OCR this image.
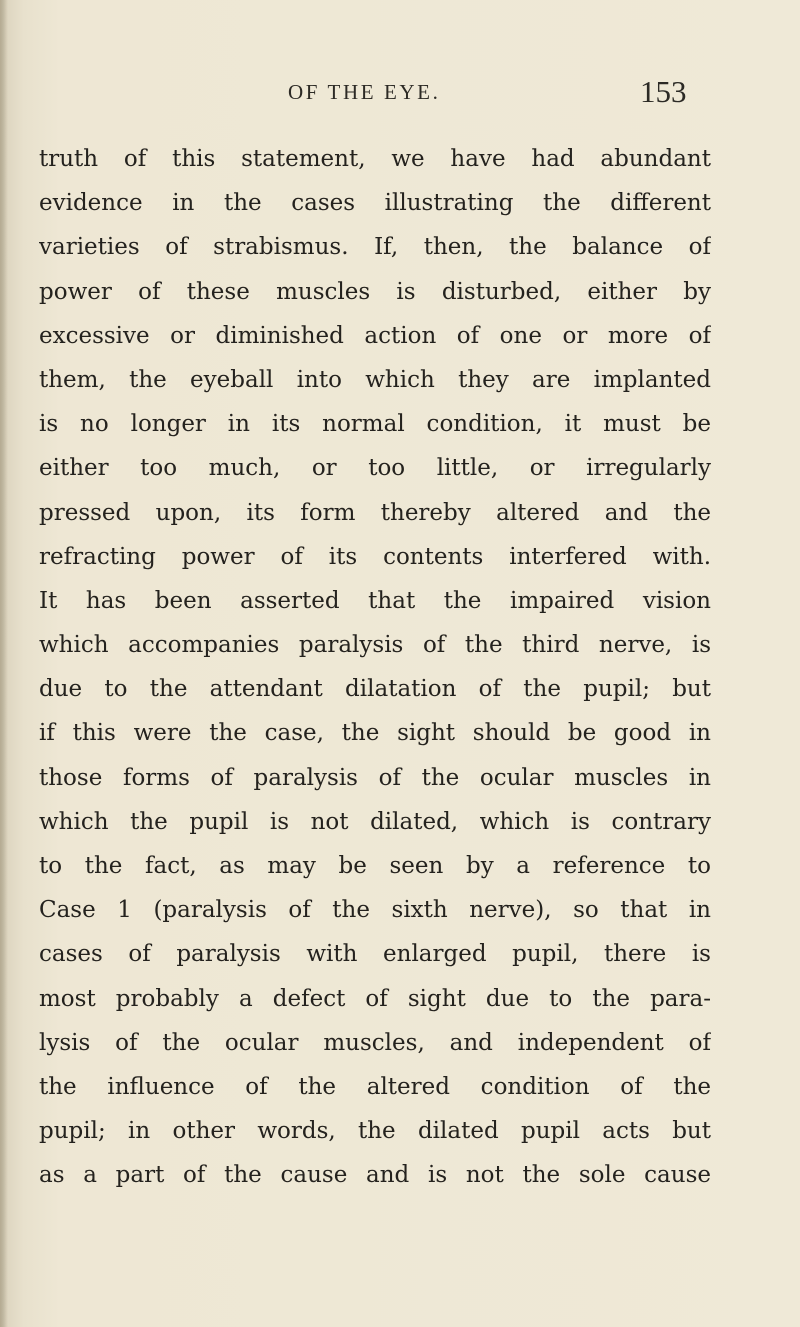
OF THE EYE.	153
truth of this statement, we have had abundant
evidence in the cases illustrating the different
varieties of strabismus. If, then, the balance of
power of these muscles is disturbed, either by
excessive or diminished action of one or more of
them, the eyeball into which they are implanted
is no longer in its normal condition, it must be
either too much, or too little, or irregularly
pressed upon, its form thereby altered and the
refracting power of its contents interfered with.
It has been asserted that the impaired vision
which accompanies paralysis of the third nerve, is
due to the attendant dilatation of the pupil; but
if this were the case, the sight should be good in
those forms of paralysis of the ocular muscles in
which the pupil is not dilated, which is contrary
to the fact, as may be seen by a reference to
Case 1 (paralysis of the sixth nerve), so that in
cases of paralysis with enlarged pupil, there is
most probably a defect of sight due to the para-
lysis of the ocular muscles, and independent of
the influence of the altered condition of the
pupil; in other words, the dilated pupil acts but
as a part of the cause and is not the sole cause
